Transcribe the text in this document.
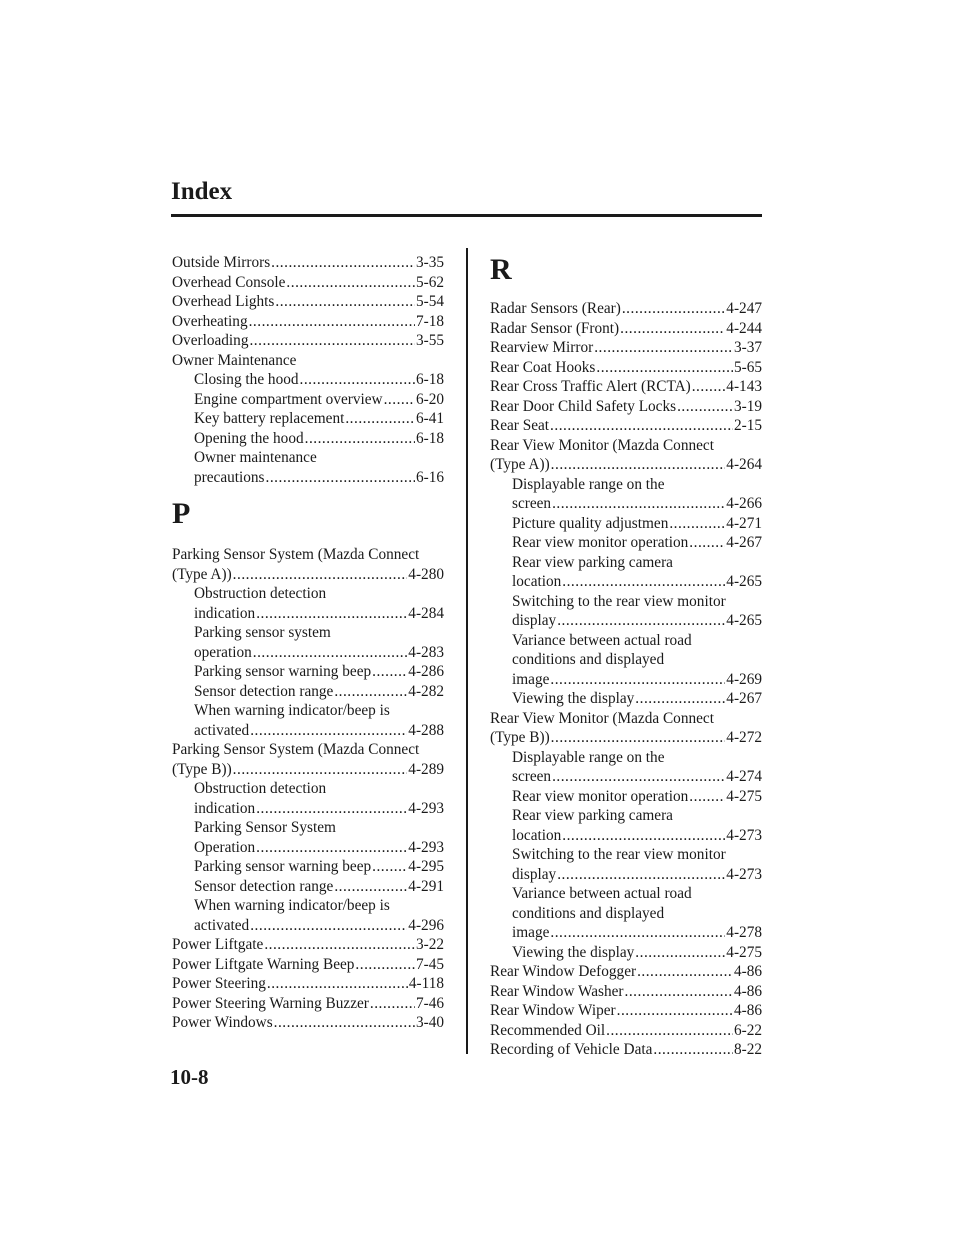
Index
Outside Mirrors .....	3-35
Overhead Console .....	5-62
Overhead Lights .....	5-54
Overheating .....	7-18
Overloading .....	3-55
Owner Maintenance
Closing the hood .....	6-18
Engine compartment overview ..... 6-20
Key battery replacement .....	6-41
Opening the hood .....	6-18
Owner maintenance
precautions .....	6-16
P
Parking Sensor System (Mazda Connect
(Type A)) .....	4-280
Obstruction detection
indication .....	4-284
Parking sensor system
operation .....	4-283
Parking sensor warning beep ..... 4-286
Sensor detection range .....	4-282
When warning indicator/beep is
activated .....	4-288
Parking Sensor System (Mazda Connect
(Type B)) .....	4-289
Obstruction detection
indication .....	4-293
Parking Sensor System
Operation .....	4-293
Parking sensor warning beep ..... 4-295
Sensor detection range .....	4-291
When warning indicator/beep is
activated .....	4-296
Power Liftgate .....	3-22
Power Liftgate Warning Beep .....	7-45
Power Steering .....	4-118
Power Steering Warning Buzzer .....	7-46
Power Windows .....	3-40
R
Radar Sensors (Rear) .....	4-247
Radar Sensor (Front) .....	4-244
Rearview Mirror .....	3-37
Rear Coat Hooks .....	5-65
Rear Cross Traffic Alert (RCTA) ..... 4-143
Rear Door Child Safety Locks .....	3-19
Rear Seat .....	2-15
Rear View Monitor (Mazda Connect
(Type A)) .....	4-264
Displayable range on the
screen .....	4-266
Picture quality adjustmen .....	4-271
Rear view monitor operation ..... 4-267
Rear view parking camera
location .....	4-265
Switching to the rear view monitor
display .....	4-265
Variance between actual road
conditions and displayed
image .....	4-269
Viewing the display .....	4-267
Rear View Monitor (Mazda Connect
(Type B)) .....	4-272
Displayable range on the
screen .....	4-274
Rear view monitor operation ..... 4-275
Rear view parking camera
location .....	4-273
Switching to the rear view monitor
display .....	4-273
Variance between actual road
conditions and displayed
image .....	4-278
Viewing the display .....	4-275
Rear Window Defogger .....	4-86
Rear Window Washer .....	4-86
Rear Window Wiper .....	4-86
Recommended Oil .....	6-22
Recording of Vehicle Data .....	8-22
10-8
